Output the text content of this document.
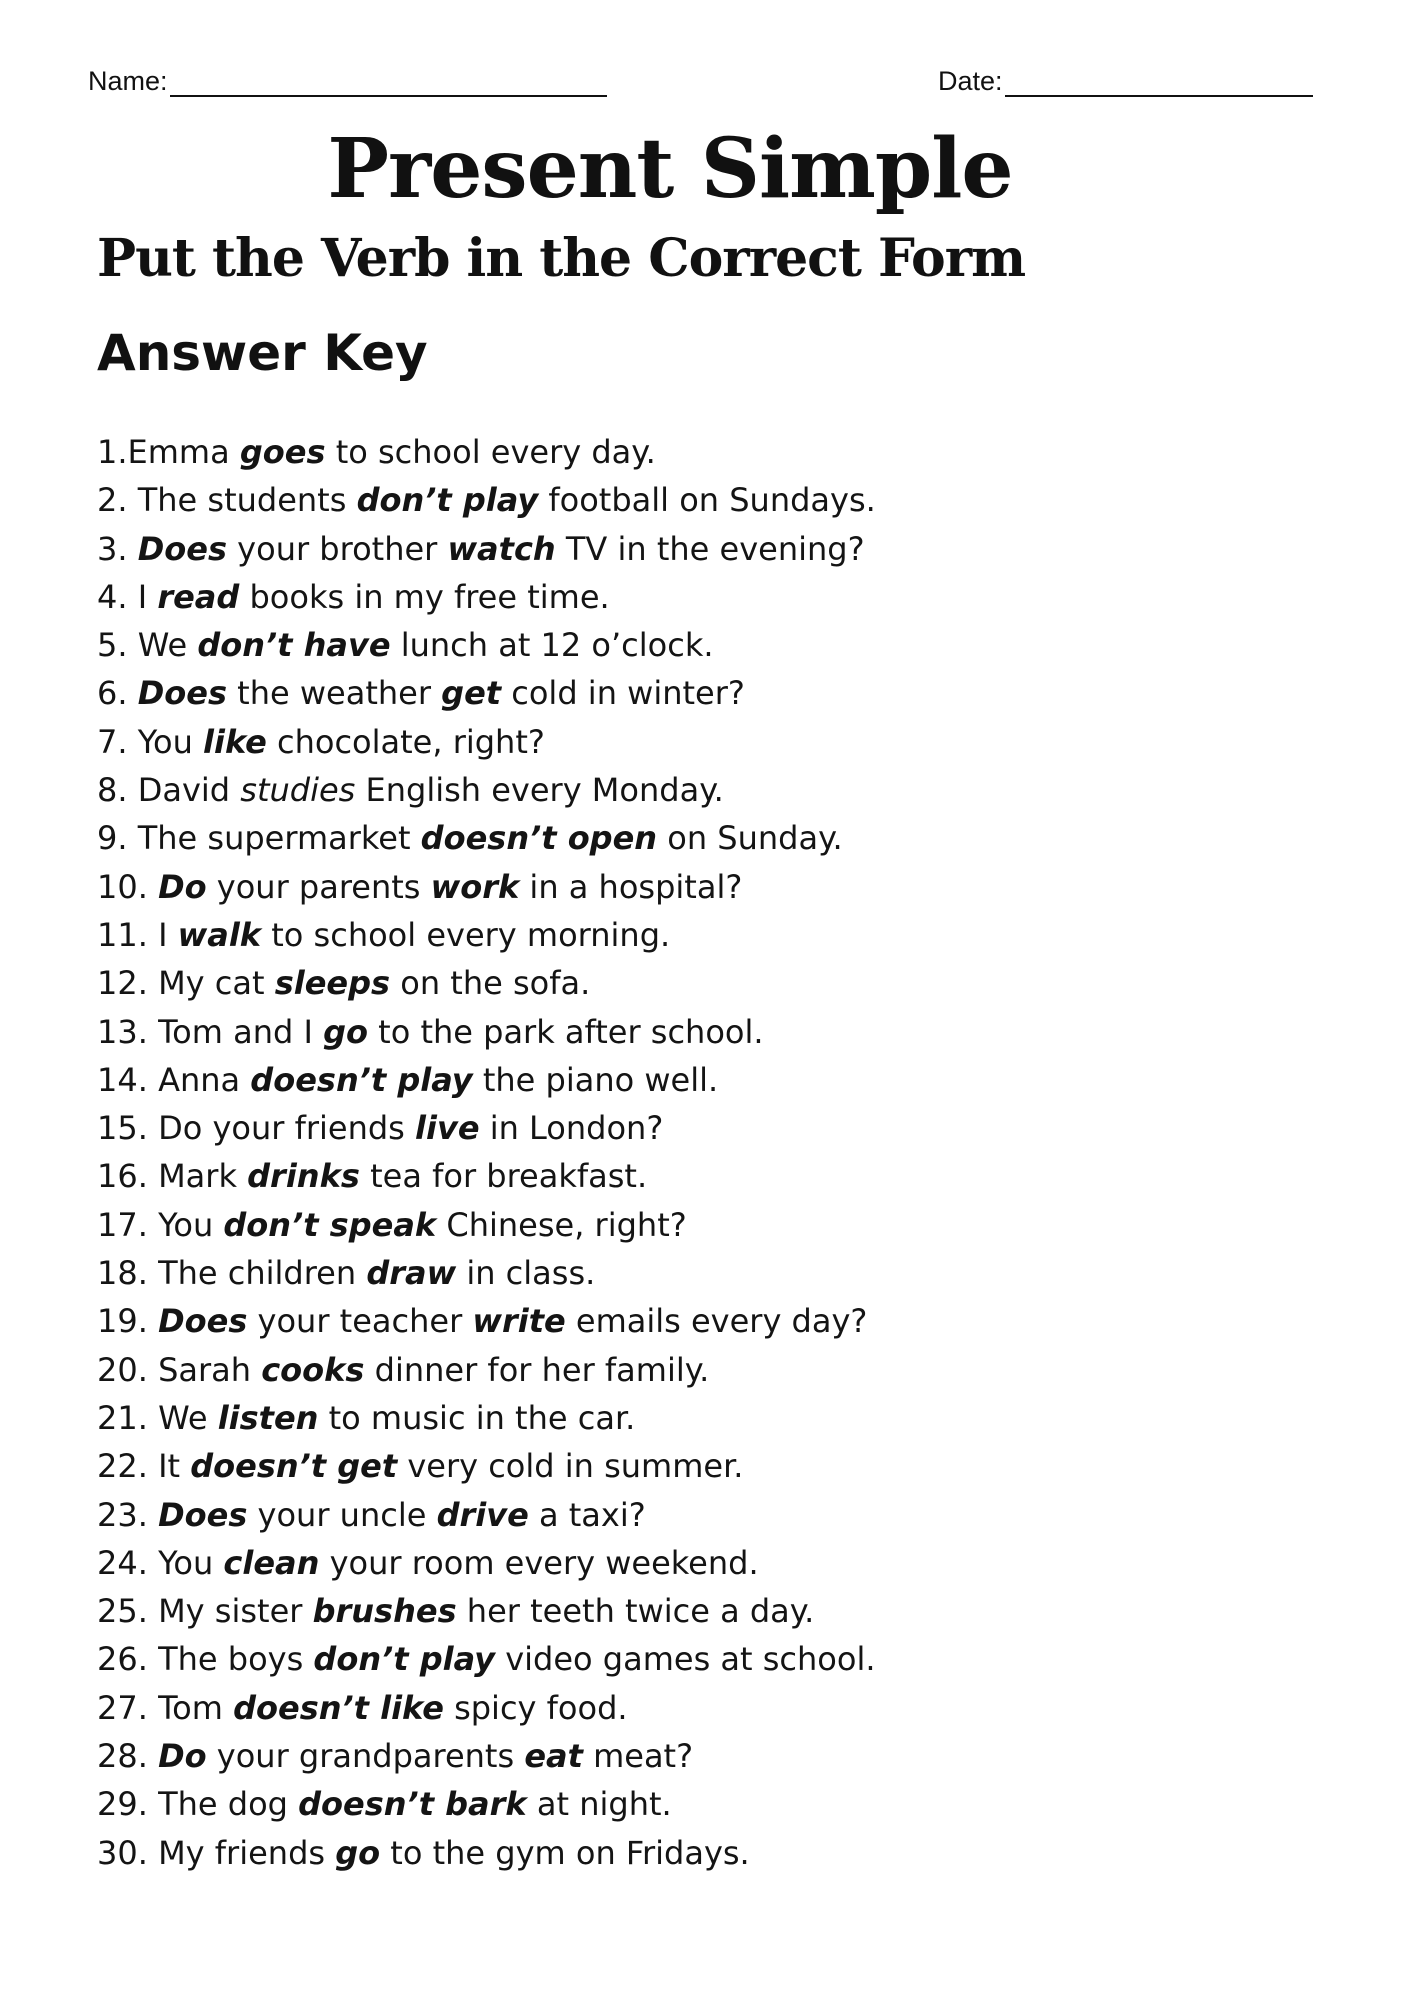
Name:	Date:
Present Simple
Put the Verb in the Correct Form
Answer Key
1.Emma goes to school every day.
2. The students don’t play football on Sundays.
3. Does your brother watch TV in the evening?
4. I read books in my free time.
5. We don’t have lunch at 12 o’clock.
6. Does the weather get cold in winter?
7. You like chocolate, right?
8. David studies English every Monday.
9. The supermarket doesn’t open on Sunday.
10. Do your parents work in a hospital?
11. I walk to school every morning.
12. My cat sleeps on the sofa.
13. Tom and I go to the park after school.
14. Anna doesn’t play the piano well.
15. Do your friends live in London?
16. Mark drinks tea for breakfast.
17. You don’t speak Chinese, right?
18. The children draw in class.
19. Does your teacher write emails every day?
20. Sarah cooks dinner for her family.
21. We listen to music in the car.
22. It doesn’t get very cold in summer.
23. Does your uncle drive a taxi?
24. You clean your room every weekend.
25. My sister brushes her teeth twice a day.
26. The boys don’t play video games at school.
27. Tom doesn’t like spicy food.
28. Do your grandparents eat meat?
29. The dog doesn’t bark at night.
30. My friends go to the gym on Fridays.
